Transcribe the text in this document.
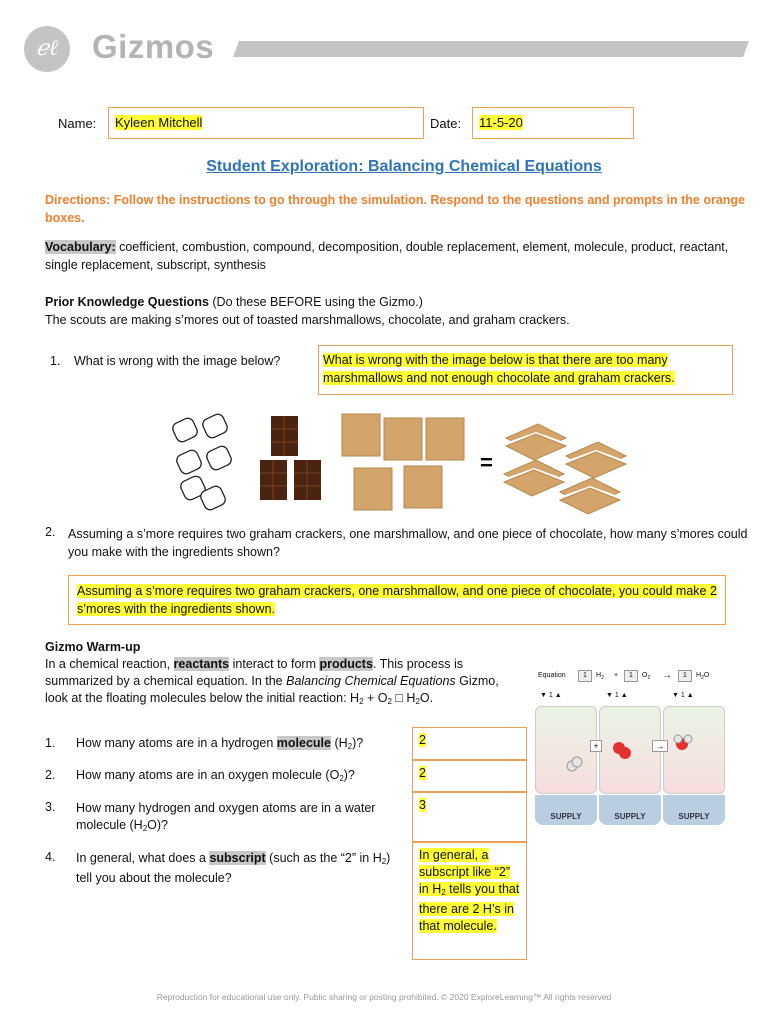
ℯℓ	Gizmos
Name:	Kyleen Mitchell	Date:	11-5-20
Student Exploration: Balancing Chemical Equations
Directions: Follow the instructions to go through the simulation. Respond to the questions and prompts in the orange boxes.
Vocabulary: coefficient, combustion, compound, decomposition, double replacement, element, molecule, product, reactant, single replacement, subscript, synthesis
Prior Knowledge Questions (Do these BEFORE using the Gizmo.)
The scouts are making s’mores out of toasted marshmallows, chocolate, and graham crackers.
1. What is wrong with the image below?	What is wrong with the image below is that there are too many marshmallows and not enough chocolate and graham crackers.
=
2. Assuming a s’more requires two graham crackers, one marshmallow, and one piece of chocolate, how many s’mores could you make with the ingredients shown?
Assuming a s’more requires two graham crackers, one marshmallow, and one piece of chocolate, you could make 2 s’mores with the ingredients shown.
Gizmo Warm-up
In a chemical reaction, reactants interact to form products. This process is summarized by a chemical equation. In the Balancing Chemical Equations Gizmo, look at the floating molecules below the initial reaction: $H_2 + O_2$ □ $H_2O$.
1. How many atoms are in a hydrogen molecule $(H_2)$?	2
2. How many atoms are in an oxygen molecule $(O_2)$?	2
3. How many hydrogen and oxygen atoms are in a water molecule $(H_2O)$?
3
4. In general, what does a subscript (such as the “2” in $H_2$) tell you about the molecule?
In general, a subscript like “2” in $H_2$ tells you that there are 2 H’s in that molecule.
Equation	1	$H_2$ +	1	$O_2$ →	1	$H_2O$
▼ 1 ▲	▼ 1 ▲	▼ 1 ▲
+	→
SUPPLY	SUPPLY	SUPPLY
Reproduction for educational use only. Public sharing or posting prohibited. © 2020 ExploreLearning™ All rights reserved
